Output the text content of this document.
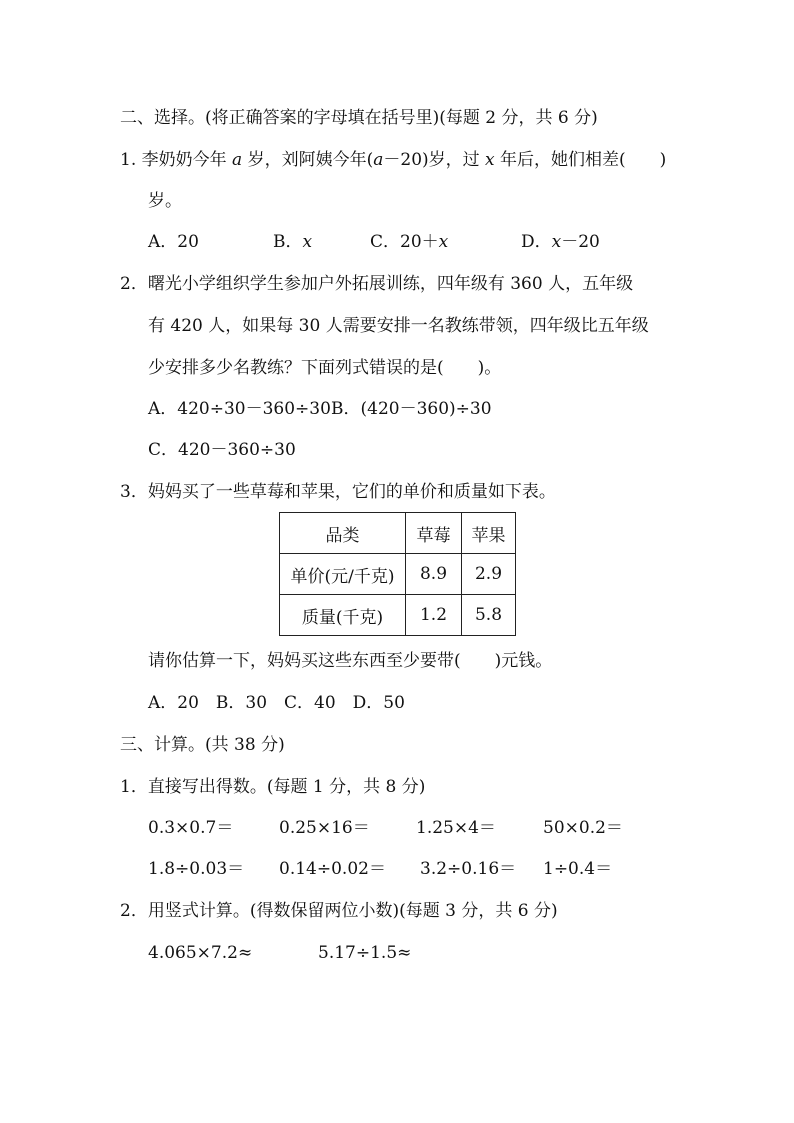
二、选择。(将正确答案的字母填在括号里)(每题 2 分，共 6 分)
1. 李奶奶今年 a 岁，刘阿姨今年(a－20)岁，过 x 年后，她们相差(　　)
岁。
A．20	B．x	C．20＋x	D．x－20
2．曙光小学组织学生参加户外拓展训练，四年级有 360 人，五年级
有 420 人，如果每 30 人需要安排一名教练带领，四年级比五年级
少安排多少名教练？下面列式错误的是(　　)。
A．420÷30－360÷30 B．(420－360)÷30
C．420－360÷30
3．妈妈买了一些草莓和苹果，它们的单价和质量如下表。
品类	草莓	苹果
单价(元/千克)	8.9	2.9
质量(千克)	1.2	5.8
请你估算一下，妈妈买这些东西至少要带(　　)元钱。
A．20　B．30　C．40　D．50
三、计算。(共 38 分)
1．直接写出得数。(每题 1 分，共 8 分)
0.3×0.7＝	0.25×16＝	1.25×4＝	50×0.2＝
1.8÷0.03＝ 0.14÷0.02＝ 3.2÷0.16＝ 1÷0.4＝
2．用竖式计算。(得数保留两位小数)(每题 3 分，共 6 分)
4.065×7.2≈	5.17÷1.5≈
